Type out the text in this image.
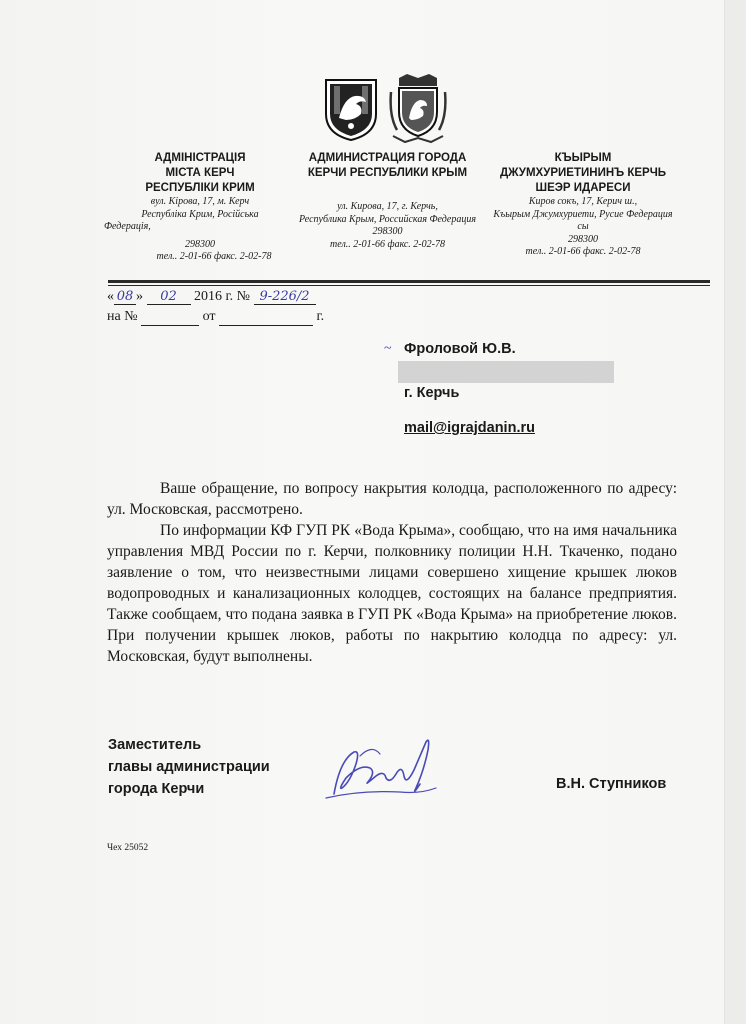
АДМІНІСТРАЦІЯ
МІСТА КЕРЧ
РЕСПУБЛІКИ КРИМ
вул. Кірова, 17, м. Керч
Республіка Крим, Російська
Федерація,
298300
тел.. 2-01-66 факс. 2-02-78
АДМИНИСТРАЦИЯ ГОРОДА
КЕРЧИ РЕСПУБЛИКИ КРЫМ
ул. Кирова, 17, г. Керчь,
Республика Крым, Российская Федерация
298300
тел.. 2-01-66 факс. 2-02-78
КЪЫРЫМ
ДЖУМХУРИЕТИНИНЪ КЕРЧЬ
ШЕЭР ИДАРЕСИ
Киров сокъ, 17, Керич ш.,
Къырым Джумхуриети, Русие Федерация
сы
298300
тел.. 2-01-66 факс. 2-02-78
« 08 » 02 2016 г. № 9-226/2
на №	от	г.
~ Фроловой Ю.В.
г. Керчь
mail@igrajdanin.ru

Ваше обращение, по вопросу накрытия колодца, расположенного по адресу: ул. Московская, рассмотрено.

По информации КФ ГУП РК «Вода Крыма», сообщаю, что на имя начальника управления МВД России по г. Керчи, полковнику полиции Н.Н. Ткаченко, подано заявление о том, что неизвестными лицами совершено хищение крышек люков водопроводных и канализационных колодцев, состоящих на балансе предприятия. Также сообщаем, что подана заявка в ГУП РК «Вода Крыма» на приобретение люков. При получении крышек люков, работы по накрытию колодца по адресу: ул. Московская, будут выполнены.

Заместитель
главы администрации
города Керчи	В.Н. Ступников
Чех 25052
